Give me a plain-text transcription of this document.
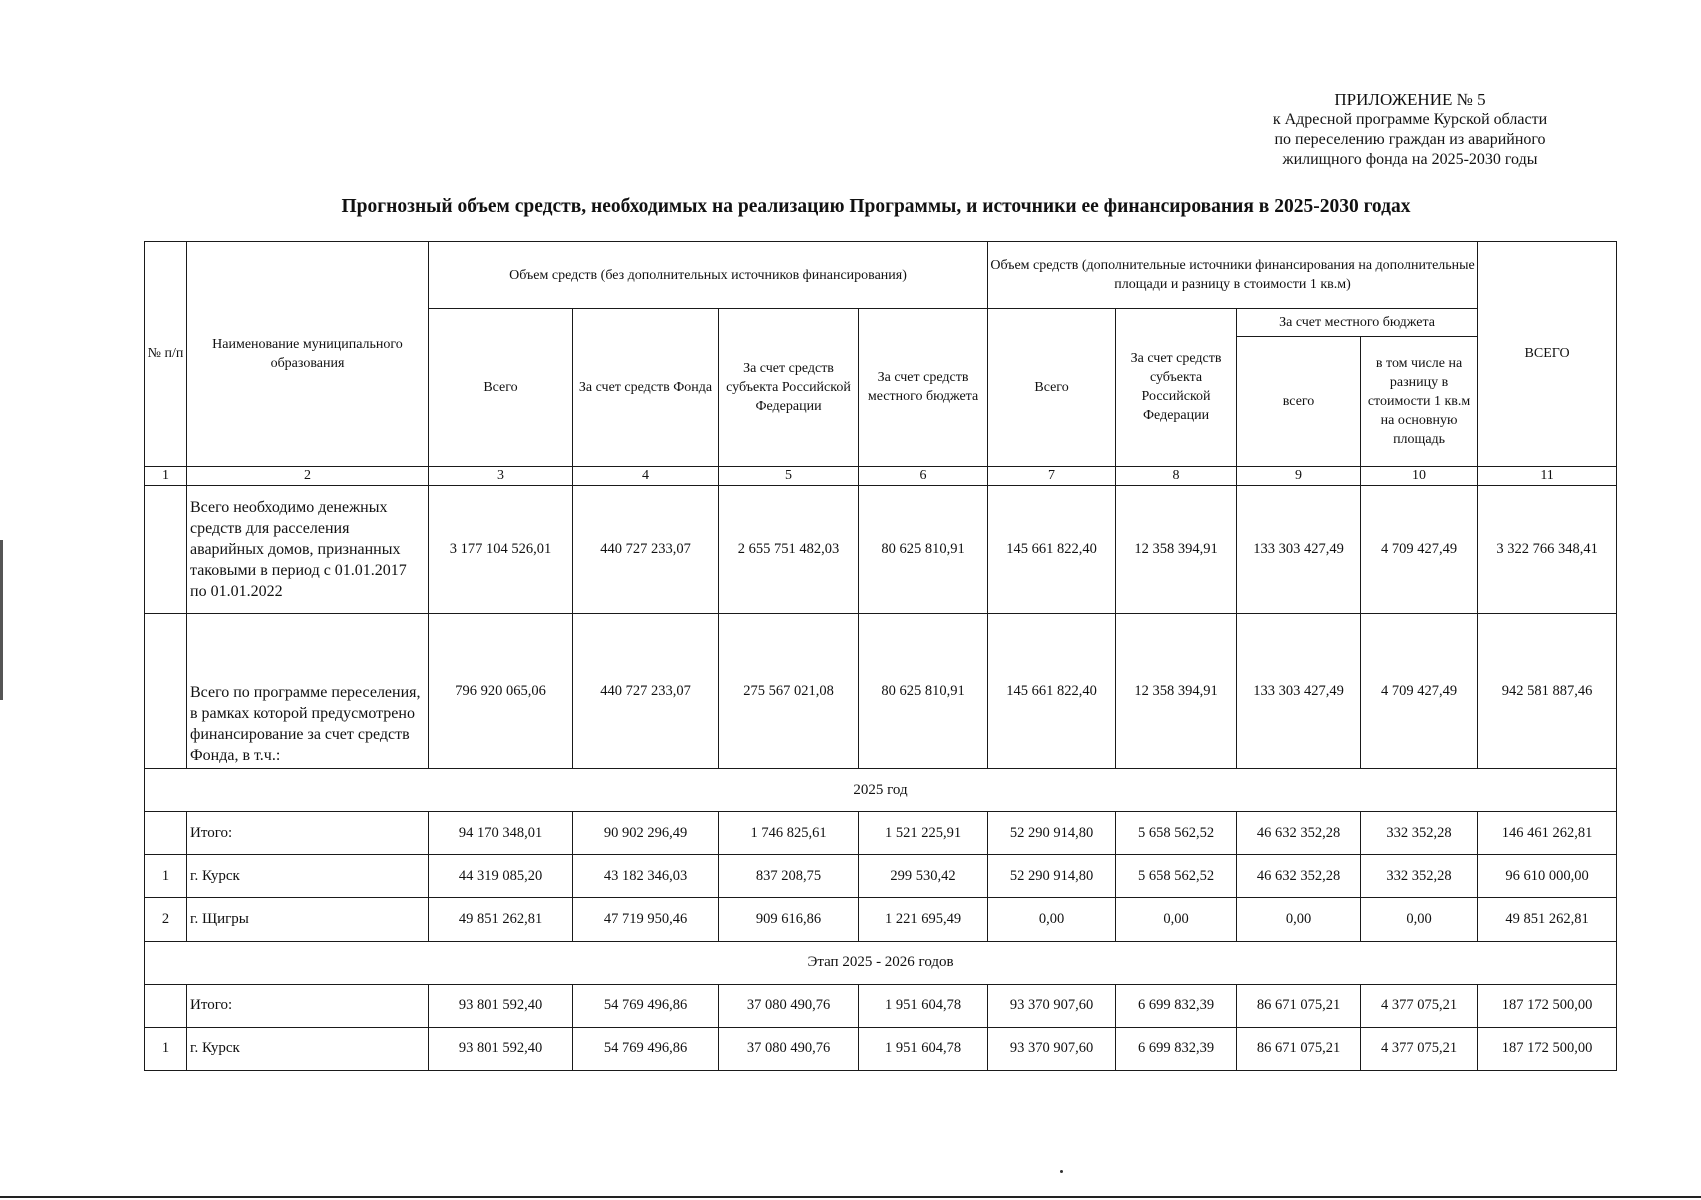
ПРИЛОЖЕНИЕ № 5
к Адресной программе Курской области
по переселению граждан из аварийного
жилищного фонда на 2025-2030 годы
Прогнозный объем средств, необходимых на реализацию Программы, и источники ее финансирования в 2025-2030 годах
№ п/п	Наименование муниципального образования	Объем средств (без дополнительных источников финансирования)				Объем средств (дополнительные источники финансирования на дополнительные площади и разницу в стоимости 1 кв.м)				ВСЕГО
		Всего	За счет средств Фонда	За счет средств субъекта Российской Федерации	За счет средств местного бюджета	Всего	За счет средств субъекта Российской Федерации	За счет местного бюджета		
								всего	в том числе на разницу в стоимости 1 кв.м на основную площадь	
1	2	3	4	5	6	7	8	9	10	11
	Всего необходимо денежных средств для расселения аварийных домов, признанных таковыми в период с 01.01.2017 по 01.01.2022	3 177 104 526,01	440 727 233,07	2 655 751 482,03	80 625 810,91	145 661 822,40	12 358 394,91	133 303 427,49	4 709 427,49	3 322 766 348,41
	Всего по программе переселения, в рамках которой предусмотрено финансирование за счет средств Фонда, в т.ч.:	796 920 065,06	440 727 233,07	275 567 021,08	80 625 810,91	145 661 822,40	12 358 394,91	133 303 427,49	4 709 427,49	942 581 887,46
2025 год										
	Итого:	94 170 348,01	90 902 296,49	1 746 825,61	1 521 225,91	52 290 914,80	5 658 562,52	46 632 352,28	332 352,28	146 461 262,81
1	г. Курск	44 319 085,20	43 182 346,03	837 208,75	299 530,42	52 290 914,80	5 658 562,52	46 632 352,28	332 352,28	96 610 000,00
2	г. Щигры	49 851 262,81	47 719 950,46	909 616,86	1 221 695,49	0,00	0,00	0,00	0,00	49 851 262,81
Этап 2025 - 2026 годов										
	Итого:	93 801 592,40	54 769 496,86	37 080 490,76	1 951 604,78	93 370 907,60	6 699 832,39	86 671 075,21	4 377 075,21	187 172 500,00
1	г. Курск	93 801 592,40	54 769 496,86	37 080 490,76	1 951 604,78	93 370 907,60	6 699 832,39	86 671 075,21	4 377 075,21	187 172 500,00
